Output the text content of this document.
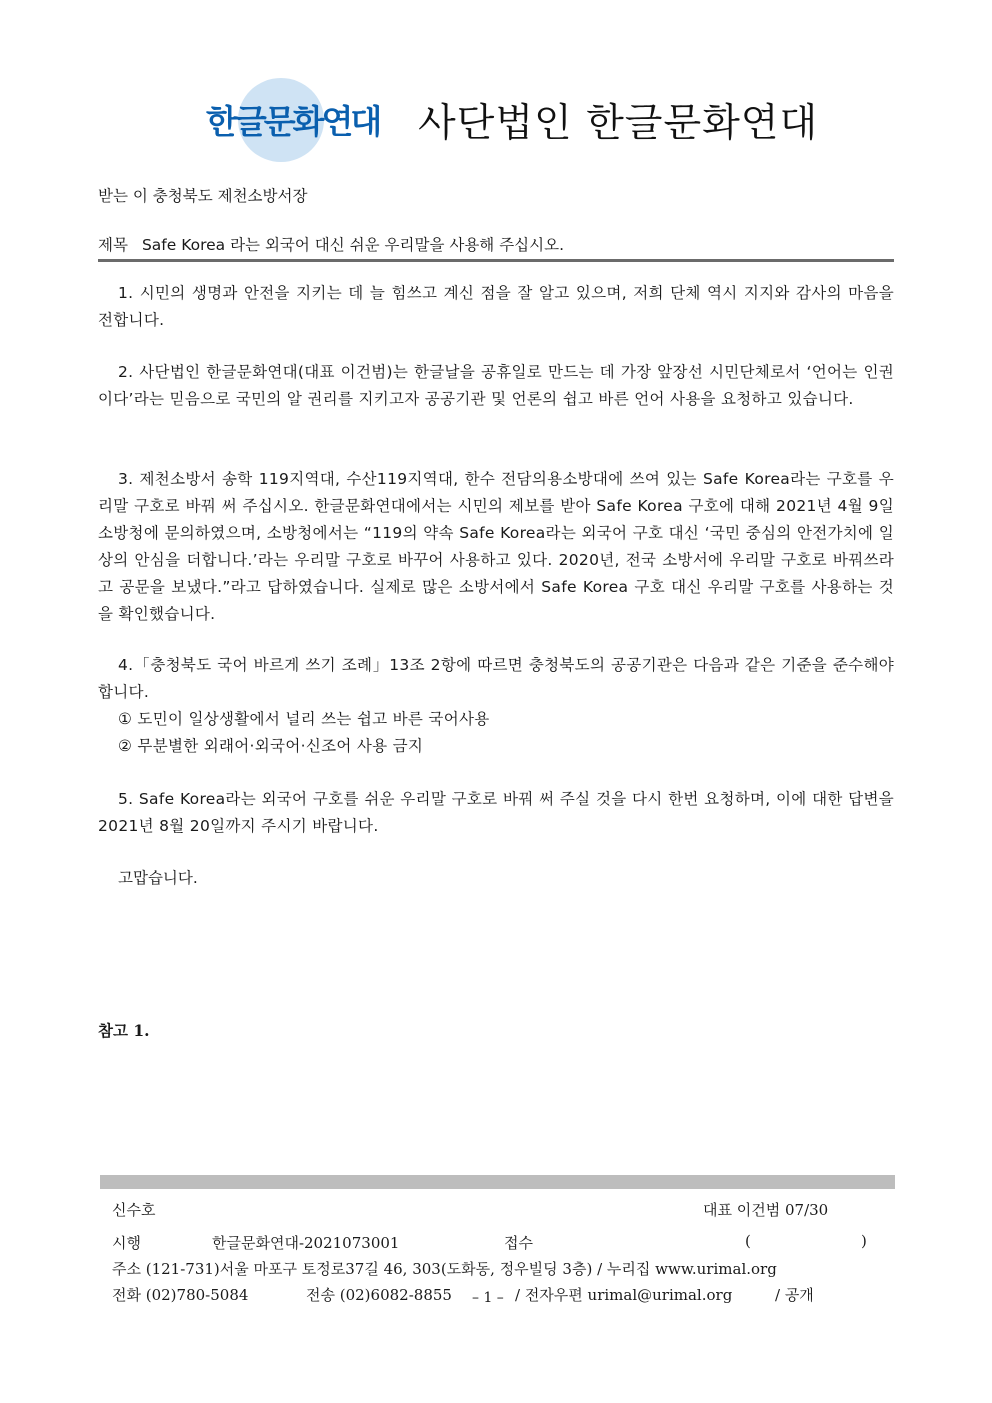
한글문화연대 사단법인 한글문화연대
받는 이 충청북도 제천소방서장
제목 Safe Korea 라는 외국어 대신 쉬운 우리말을 사용해 주십시오.
1. 시민의 생명과 안전을 지키는 데 늘 힘쓰고 계신 점을 잘 알고 있으며, 저희 단체 역시 지지와 감사의 마음을 전합니다.
2. 사단법인 한글문화연대(대표 이건범)는 한글날을 공휴일로 만드는 데 가장 앞장선 시민단체로서 ‘언어는 인권이다’라는 믿음으로 국민의 알 권리를 지키고자 공공기관 및 언론의 쉽고 바른 언어 사용을 요청하고 있습니다.
3. 제천소방서 송학 119지역대, 수산119지역대, 한수 전담의용소방대에 쓰여 있는 Safe Korea라는 구호를 우리말 구호로 바꿔 써 주십시오. 한글문화연대에서는 시민의 제보를 받아 Safe Korea 구호에 대해 2021년 4월 9일 소방청에 문의하였으며, 소방청에서는 “119의 약속 Safe Korea라는 외국어 구호 대신 ‘국민 중심의 안전가치에 일상의 안심을 더합니다.’라는 우리말 구호로 바꾸어 사용하고 있다. 2020년, 전국 소방서에 우리말 구호로 바꿔쓰라고 공문을 보냈다.”라고 답하였습니다. 실제로 많은 소방서에서 Safe Korea 구호 대신 우리말 구호를 사용하는 것을 확인했습니다.
4.「충청북도 국어 바르게 쓰기 조례」13조 2항에 따르면 충청북도의 공공기관은 다음과 같은 기준을 준수해야 합니다.
① 도민이 일상생활에서 널리 쓰는 쉽고 바른 국어사용
② 무분별한 외래어·외국어·신조어 사용 금지
5. Safe Korea라는 외국어 구호를 쉬운 우리말 구호로 바꿔 써 주실 것을 다시 한번 요청하며, 이에 대한 답변을 2021년 8월 20일까지 주시기 바랍니다.
고맙습니다.
참고 1.
신수호	대표 이건범 07/30
시행	한글문화연대-2021073001	접수	(	)
주소 (121-731)서울 마포구 토정로37길 46, 303(도화동, 정우빌딩 3층) / 누리집 www.urimal.org
전화 (02)780-5084	전송 (02)6082-8855 – 1 – / 전자우편 urimal@urimal.org	/ 공개
